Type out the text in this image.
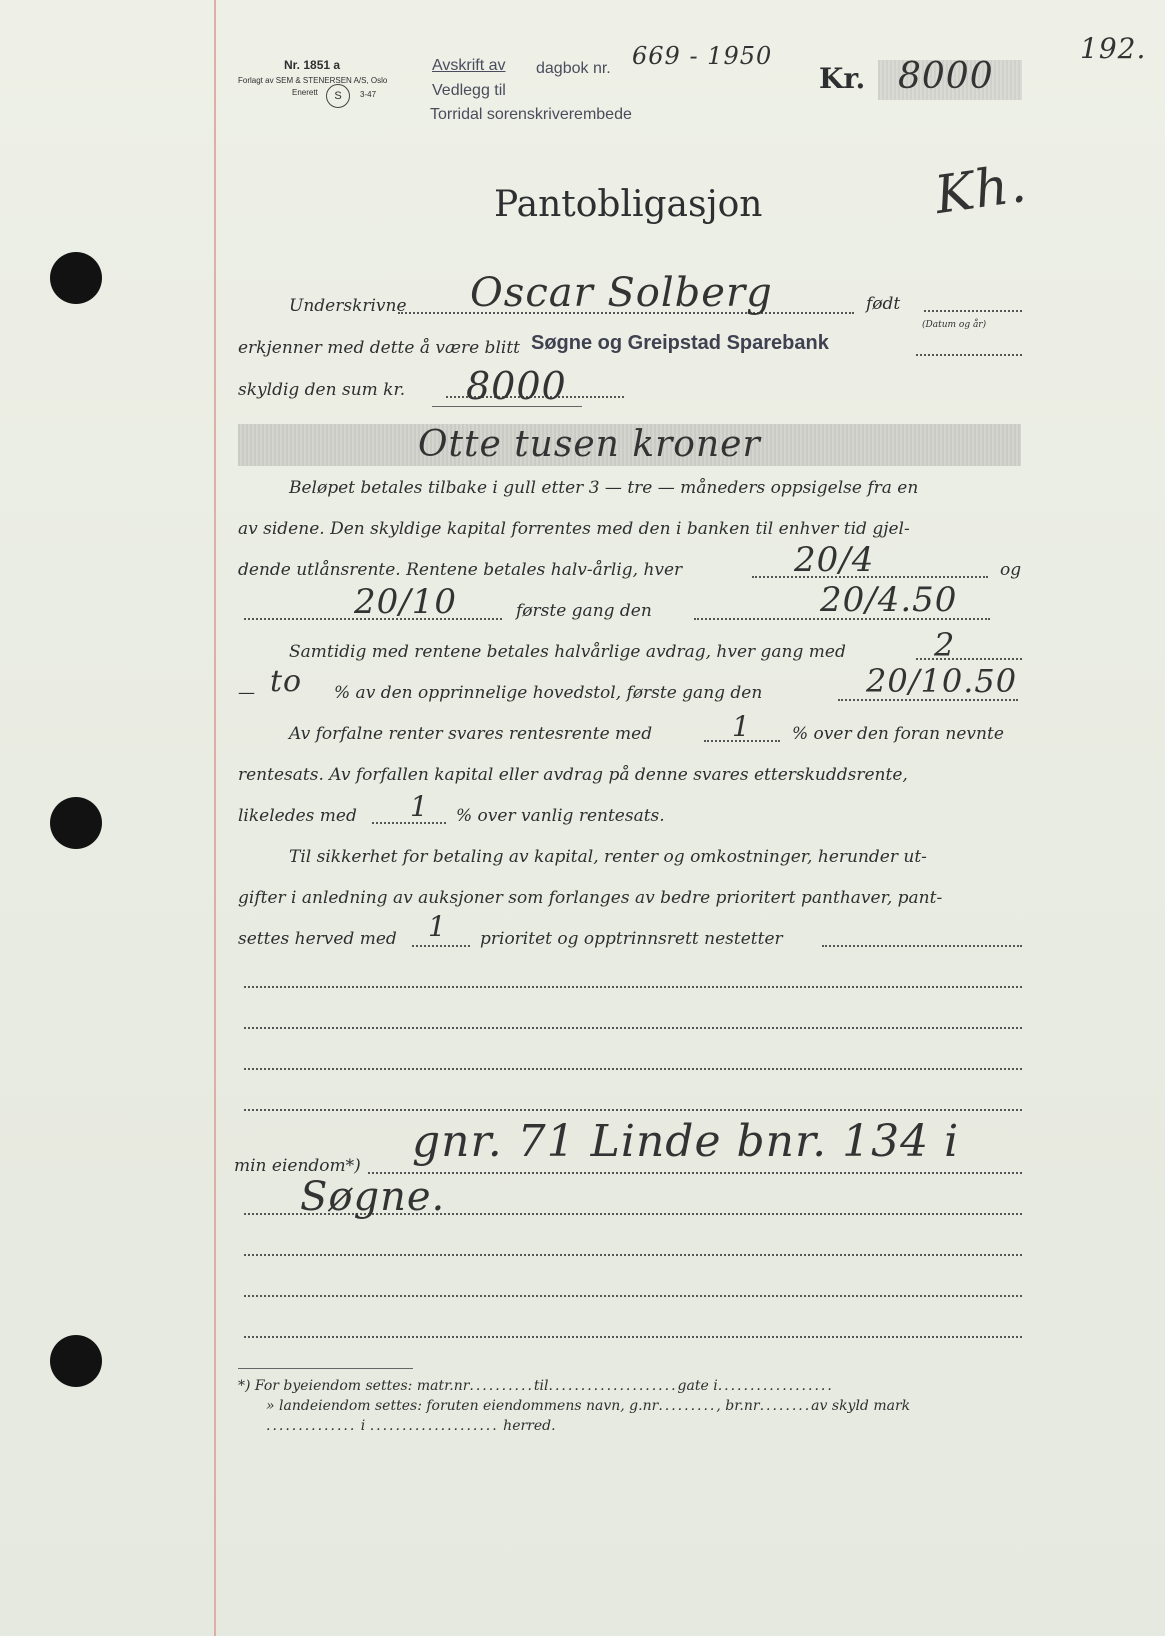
Nr. 1851 a
Forlagt av SEM & STENERSEN A/S, Oslo
Enerett	S	3-47
Avskrift av dagbok nr.
Vedlegg til
Torridal sorenskriverembede
669 - 1950
Kr. 8000
192.
Kh.
Pantobligasjon
Underskrivne Oscar Solberg	født
(Datum og år)
erkjenner med dette å være blitt Søgne og Greipstad Sparebank
skyldig den sum kr. 8000
Otte tusen kroner
Beløpet betales tilbake i gull etter 3 — tre — måneders oppsigelse fra en
av sidene. Den skyldige kapital forrentes med den i banken til enhver tid gjel-
dende utlånsrente. Rentene betales halv-årlig, hver	20/4	og
20/10	første gang den	20/4.50
Samtidig med rentene betales halvårlige avdrag, hver gang med	2
— to % av den opprinnelige hovedstol, første gang den	20/10.50
Av forfalne renter svares rentesrente med	1 % over den foran nevnte
rentesats. Av forfallen kapital eller avdrag på denne svares etterskuddsrente,
likeledes med 1 % over vanlig rentesats.
Til sikkerhet for betaling av kapital, renter og omkostninger, herunder ut-
gifter i anledning av auksjoner som forlanges av bedre prioritert panthaver, pant-
settes herved med 1 prioritet og opptrinnsrett nestetter
min eiendom*) gnr. 71 Linde bnr. 134 i
Søgne.
*) For byeiendom settes: matr.nr..........til....................gate i..................
» landeiendom settes: foruten eiendommens navn, g.nr........., br.nr........av skyld mark
.............. i .................... herred.
